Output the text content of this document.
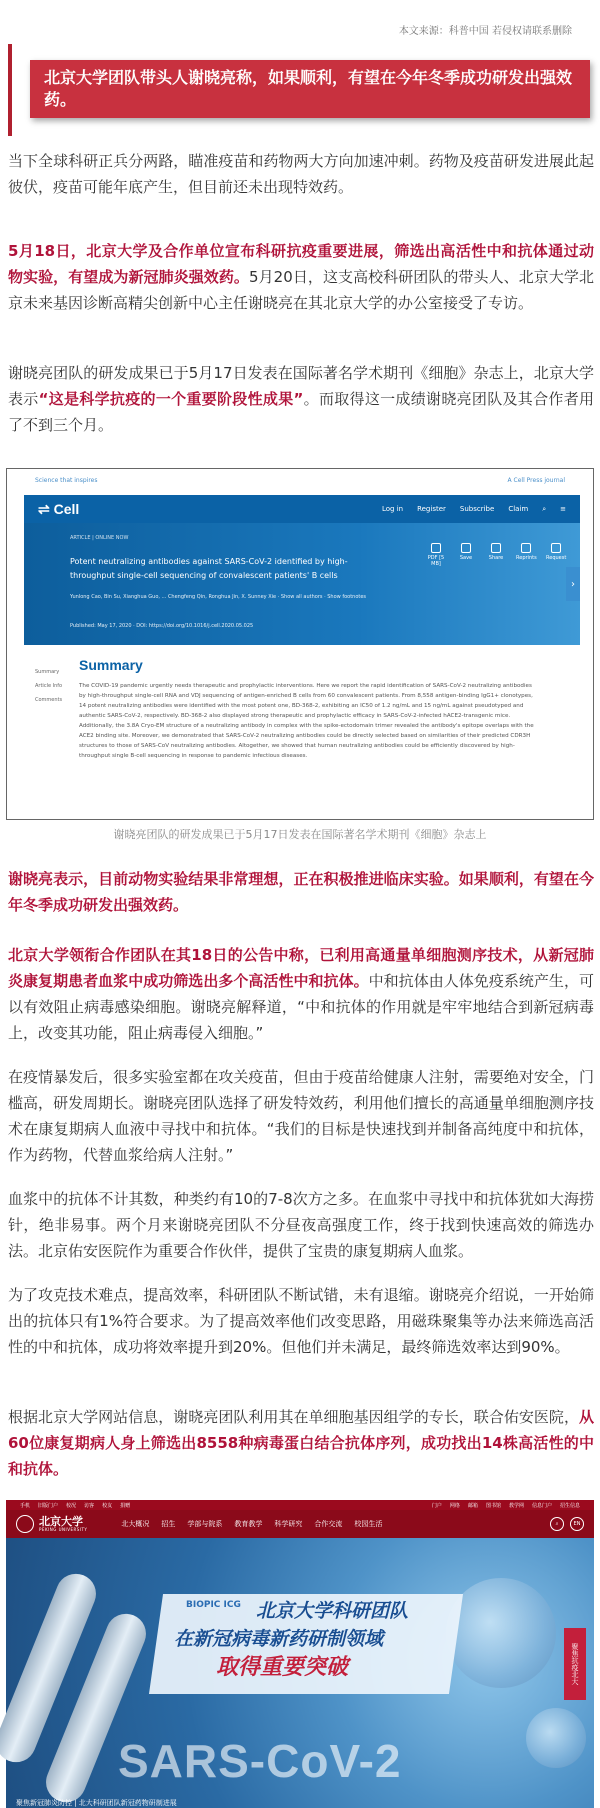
本文来源：科普中国 若侵权请联系删除
北京大学团队带头人谢晓亮称，如果顺利，有望在今年冬季成功研发出强效药。

当下全球科研正兵分两路，瞄准疫苗和药物两大方向加速冲刺。药物及疫苗研发进展此起彼伏，疫苗可能年底产生，但目前还未出现特效药。

5月18日，北京大学及合作单位宣布科研抗疫重要进展，筛选出高活性中和抗体通过动物实验，有望成为新冠肺炎强效药。5月20日，这支高校科研团队的带头人、北京大学北京未来基因诊断高精尖创新中心主任谢晓亮在其北京大学的办公室接受了专访。

谢晓亮团队的研发成果已于5月17日发表在国际著名学术期刊《细胞》杂志上，北京大学表示“这是科学抗疫的一个重要阶段性成果”。而取得这一成绩谢晓亮团队及其合作者用了不到三个月。

Science that inspires	A Cell Press journal
⇌ Cell	Log in Register Subscribe Claim ⌕ ≡
ARTICLE | ONLINE NOW
Potent neutralizing antibodies against SARS-CoV-2 identified by high-throughput single-cell sequencing of convalescent patients' B cells
Yunlong Cao, Bin Su, Xianghua Guo, ... Chengfeng Qin, Ronghua Jin, X. Sunney Xie · Show all authors · Show footnotes
Published: May 17, 2020 · DOI: https://doi.org/10.1016/j.cell.2020.05.025
PDF [5 MB]
Save	Share	Reprints Request
›
Summary
Article Info
Comments
Summary
The COVID-19 pandemic urgently needs therapeutic and prophylactic interventions. Here we report the rapid identification of SARS-CoV-2 neutralizing antibodies by high-throughput single-cell RNA and VDJ sequencing of antigen-enriched B cells from 60 convalescent patients. From 8,558 antigen-binding IgG1+ clonotypes, 14 potent neutralizing antibodies were identified with the most potent one, BD-368-2, exhibiting an IC50 of 1.2 ng/mL and 15 ng/mL against pseudotyped and authentic SARS-CoV-2, respectively. BD-368-2 also displayed strong therapeutic and prophylactic efficacy in SARS-CoV-2-infected hACE2-transgenic mice. Additionally, the 3.8A Cryo-EM structure of a neutralizing antibody in complex with the spike-ectodomain trimer revealed the antibody's epitope overlaps with the ACE2 binding site. Moreover, we demonstrated that SARS-CoV-2 neutralizing antibodies could be directly selected based on similarities of their predicted CDR3H structures to those of SARS-CoV neutralizing antibodies. Altogether, we showed that human neutralizing antibodies could be efficiently discovered by high-throughput single B-cell sequencing in response to pandemic infectious diseases.
谢晓亮团队的研发成果已于5月17日发表在国际著名学术期刊《细胞》杂志上

谢晓亮表示，目前动物实验结果非常理想，正在积极推进临床实验。如果顺利，有望在今年冬季成功研发出强效药。

北京大学领衔合作团队在其18日的公告中称，已利用高通量单细胞测序技术，从新冠肺炎康复期患者血浆中成功筛选出多个高活性中和抗体。中和抗体由人体免疫系统产生，可以有效阻止病毒感染细胞。谢晓亮解释道，“中和抗体的作用就是牢牢地结合到新冠病毒上，改变其功能，阻止病毒侵入细胞。”

在疫情暴发后，很多实验室都在攻关疫苗，但由于疫苗给健康人注射，需要绝对安全，门槛高，研发周期长。谢晓亮团队选择了研发特效药，利用他们擅长的高通量单细胞测序技术在康复期病人血液中寻找中和抗体。“我们的目标是快速找到并制备高纯度中和抗体，作为药物，代替血浆给病人注射。”

血浆中的抗体不计其数，种类约有10的7-8次方之多。在血浆中寻找中和抗体犹如大海捞针，绝非易事。两个月来谢晓亮团队不分昼夜高强度工作，终于找到快速高效的筛选办法。北京佑安医院作为重要合作伙伴，提供了宝贵的康复期病人血浆。

为了攻克技术难点，提高效率，科研团队不断试错，未有退缩。谢晓亮介绍说，一开始筛出的抗体只有1%符合要求。为了提高效率他们改变思路，用磁珠聚集等办法来筛选高活性的中和抗体，成功将效率提升到20%。但他们并未满足，最终筛选效率达到90%。

根据北京大学网站信息，谢晓亮团队利用其在单细胞基因组学的专长，联合佑安医院，从60位康复期病人身上筛选出8558种病毒蛋白结合抗体序列，成功找出14株高活性的中和抗体。

手机 旧版门户 校况 访客 校友 捐赠	门户 网络 邮箱 图书馆 教学网 信息门户 招生信息
北京大学
PEKING UNIVERSITY
北大概况 招生 学部与院系 教育教学 科学研究 合作交流 校园生活	⌕	EN
BIOPIC ICG 北京大学科研团队
在新冠病毒新药研制领域
取得重要突破	聚焦抗疫北大
SARS-CoV-2
聚焦新冠肺炎防控 | 北大科研团队新冠药物研制进展
